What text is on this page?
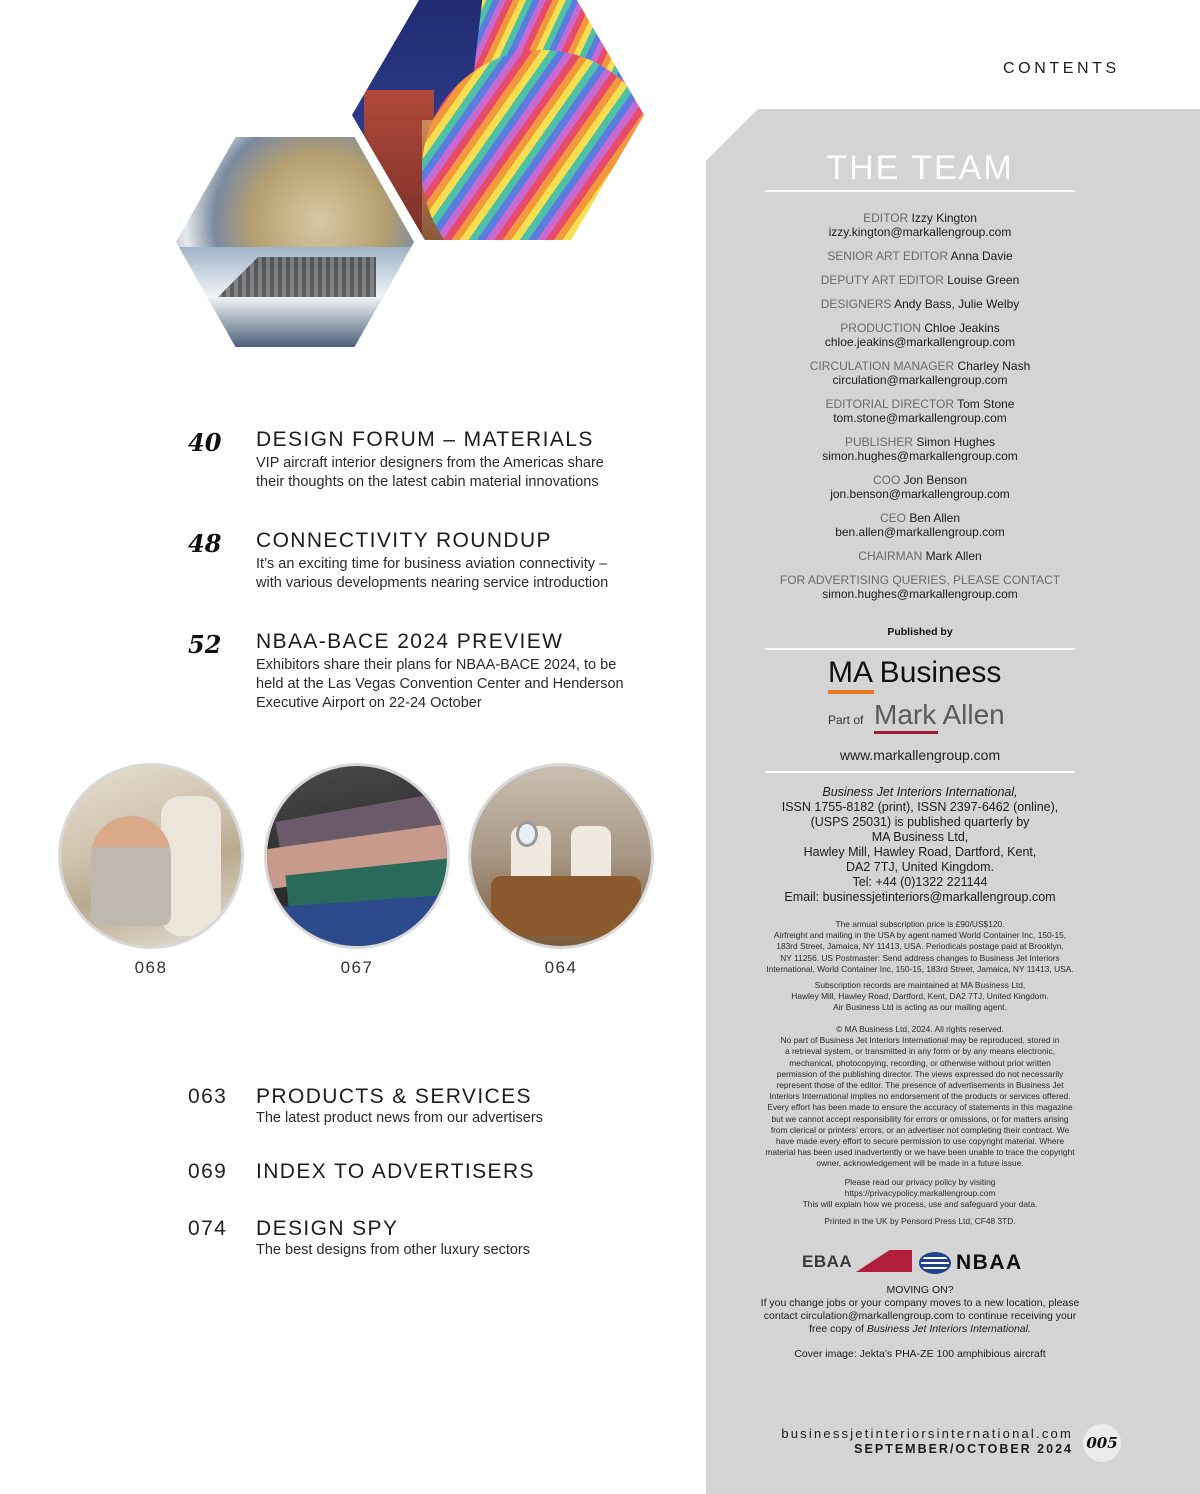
CONTENTS
40 DESIGN FORUM – MATERIALS
VIP aircraft interior designers from the Americas share their thoughts on the latest cabin material innovations
48 CONNECTIVITY ROUNDUP
It’s an exciting time for business aviation connectivity – with various developments nearing service introduction
52 NBAA-BACE 2024 PREVIEW
Exhibitors share their plans for NBAA-BACE 2024, to be held at the Las Vegas Convention Center and Henderson Executive Airport on 22-24 October
068	067	064
063 PRODUCTS & SERVICES
The latest product news from our advertisers
069 INDEX TO ADVERTISERS
074 DESIGN SPY
The best designs from other luxury sectors
THE TEAM
EDITOR Izzy Kington
izzy.kington@markallengroup.com
SENIOR ART EDITOR Anna Davie
DEPUTY ART EDITOR Louise Green
DESIGNERS Andy Bass, Julie Welby
PRODUCTION Chloe Jeakins
chloe.jeakins@markallengroup.com
CIRCULATION MANAGER Charley Nash
circulation@markallengroup.com
EDITORIAL DIRECTOR Tom Stone
tom.stone@markallengroup.com
PUBLISHER Simon Hughes
simon.hughes@markallengroup.com
COO Jon Benson
jon.benson@markallengroup.com
CEO Ben Allen
ben.allen@markallengroup.com
CHAIRMAN Mark Allen
FOR ADVERTISING QUERIES, PLEASE CONTACT
simon.hughes@markallengroup.com
Published by
MA Business
Part of Mark Allen
www.markallengroup.com
Business Jet Interiors International,
ISSN 1755-8182 (print), ISSN 2397-6462 (online),
(USPS 25031) is published quarterly by
MA Business Ltd,
Hawley Mill, Hawley Road, Dartford, Kent,
DA2 7TJ, United Kingdom.
Tel: +44 (0)1322 221144
Email: businessjetinteriors@markallengroup.com
The annual subscription price is £90/US$120.
Airfreight and mailing in the USA by agent named World Container Inc, 150-15,
183rd Street, Jamaica, NY 11413, USA. Periodicals postage paid at Brooklyn,
NY 11256. US Postmaster: Send address changes to Business Jet Interiors
International, World Container Inc, 150-15, 183rd Street, Jamaica, NY 11413, USA.
Subscription records are maintained at MA Business Ltd,
Hawley Mill, Hawley Road, Dartford, Kent, DA2 7TJ, United Kingdom.
Air Business Ltd is acting as our mailing agent.
© MA Business Ltd, 2024. All rights reserved.
No part of Business Jet Interiors International may be reproduced, stored in
a retrieval system, or transmitted in any form or by any means electronic,
mechanical, photocopying, recording, or otherwise without prior written
permission of the publishing director. The views expressed do not necessarily
represent those of the editor. The presence of advertisements in Business Jet
Interiors International implies no endorsement of the products or services offered.
Every effort has been made to ensure the accuracy of statements in this magazine
but we cannot accept responsibility for errors or omissions, or for matters arising
from clerical or printers’ errors, or an advertiser not completing their contract. We
have made every effort to secure permission to use copyright material. Where
material has been used inadvertently or we have been unable to trace the copyright
owner, acknowledgement will be made in a future issue.
Please read our privacy policy by visiting
https://privacypolicy.markallengroup.com
This will explain how we process, use and safeguard your data.
Printed in the UK by Pensord Press Ltd, CF48 3TD.
EBAA	NBAA
MOVING ON?
If you change jobs or your company moves to a new location, please
contact circulation@markallengroup.com to continue receiving your
free copy of Business Jet Interiors International.
Cover image: Jekta’s PHA-ZE 100 amphibious aircraft
businessjetinteriorsinternational.com
SEPTEMBER/OCTOBER 2024 005
